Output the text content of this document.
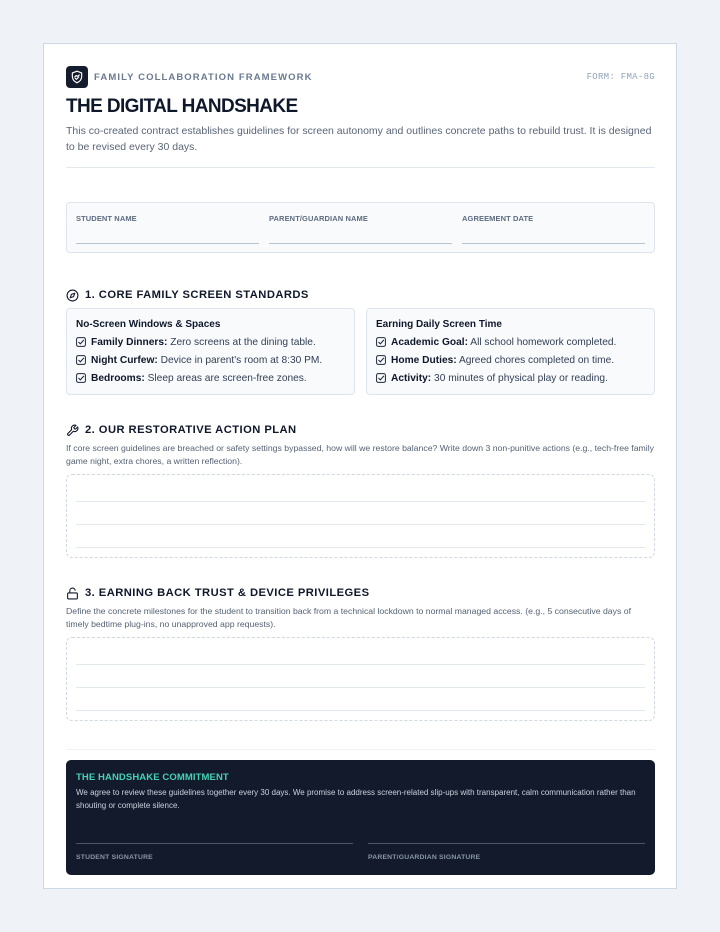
FAMILY COLLABORATION FRAMEWORK	FORM: FMA-8G
THE DIGITAL HANDSHAKE

This co-created contract establishes guidelines for screen autonomy and outlines concrete paths to rebuild trust. It is designed to be revised every 30 days.

STUDENT NAME	PARENT/GUARDIAN NAME	AGREEMENT DATE
1. CORE FAMILY SCREEN STANDARDS
No-Screen Windows & Spaces
Family Dinners: Zero screens at the dining table.
Night Curfew: Device in parent's room at 8:30 PM.
Bedrooms: Sleep areas are screen-free zones.
Earning Daily Screen Time
Academic Goal: All school homework completed.
Home Duties: Agreed chores completed on time.
Activity: 30 minutes of physical play or reading.
2. OUR RESTORATIVE ACTION PLAN

If core screen guidelines are breached or safety settings bypassed, how will we restore balance? Write down 3 non-punitive actions (e.g., tech-free family game night, extra chores, a written reflection).

3. EARNING BACK TRUST & DEVICE PRIVILEGES

Define the concrete milestones for the student to transition back from a technical lockdown to normal managed access. (e.g., 5 consecutive days of timely bedtime plug-ins, no unapproved app requests).

THE HANDSHAKE COMMITMENT

We agree to review these guidelines together every 30 days. We promise to address screen-related slip-ups with transparent, calm communication rather than shouting or complete silence.

STUDENT SIGNATURE	PARENT/GUARDIAN SIGNATURE
